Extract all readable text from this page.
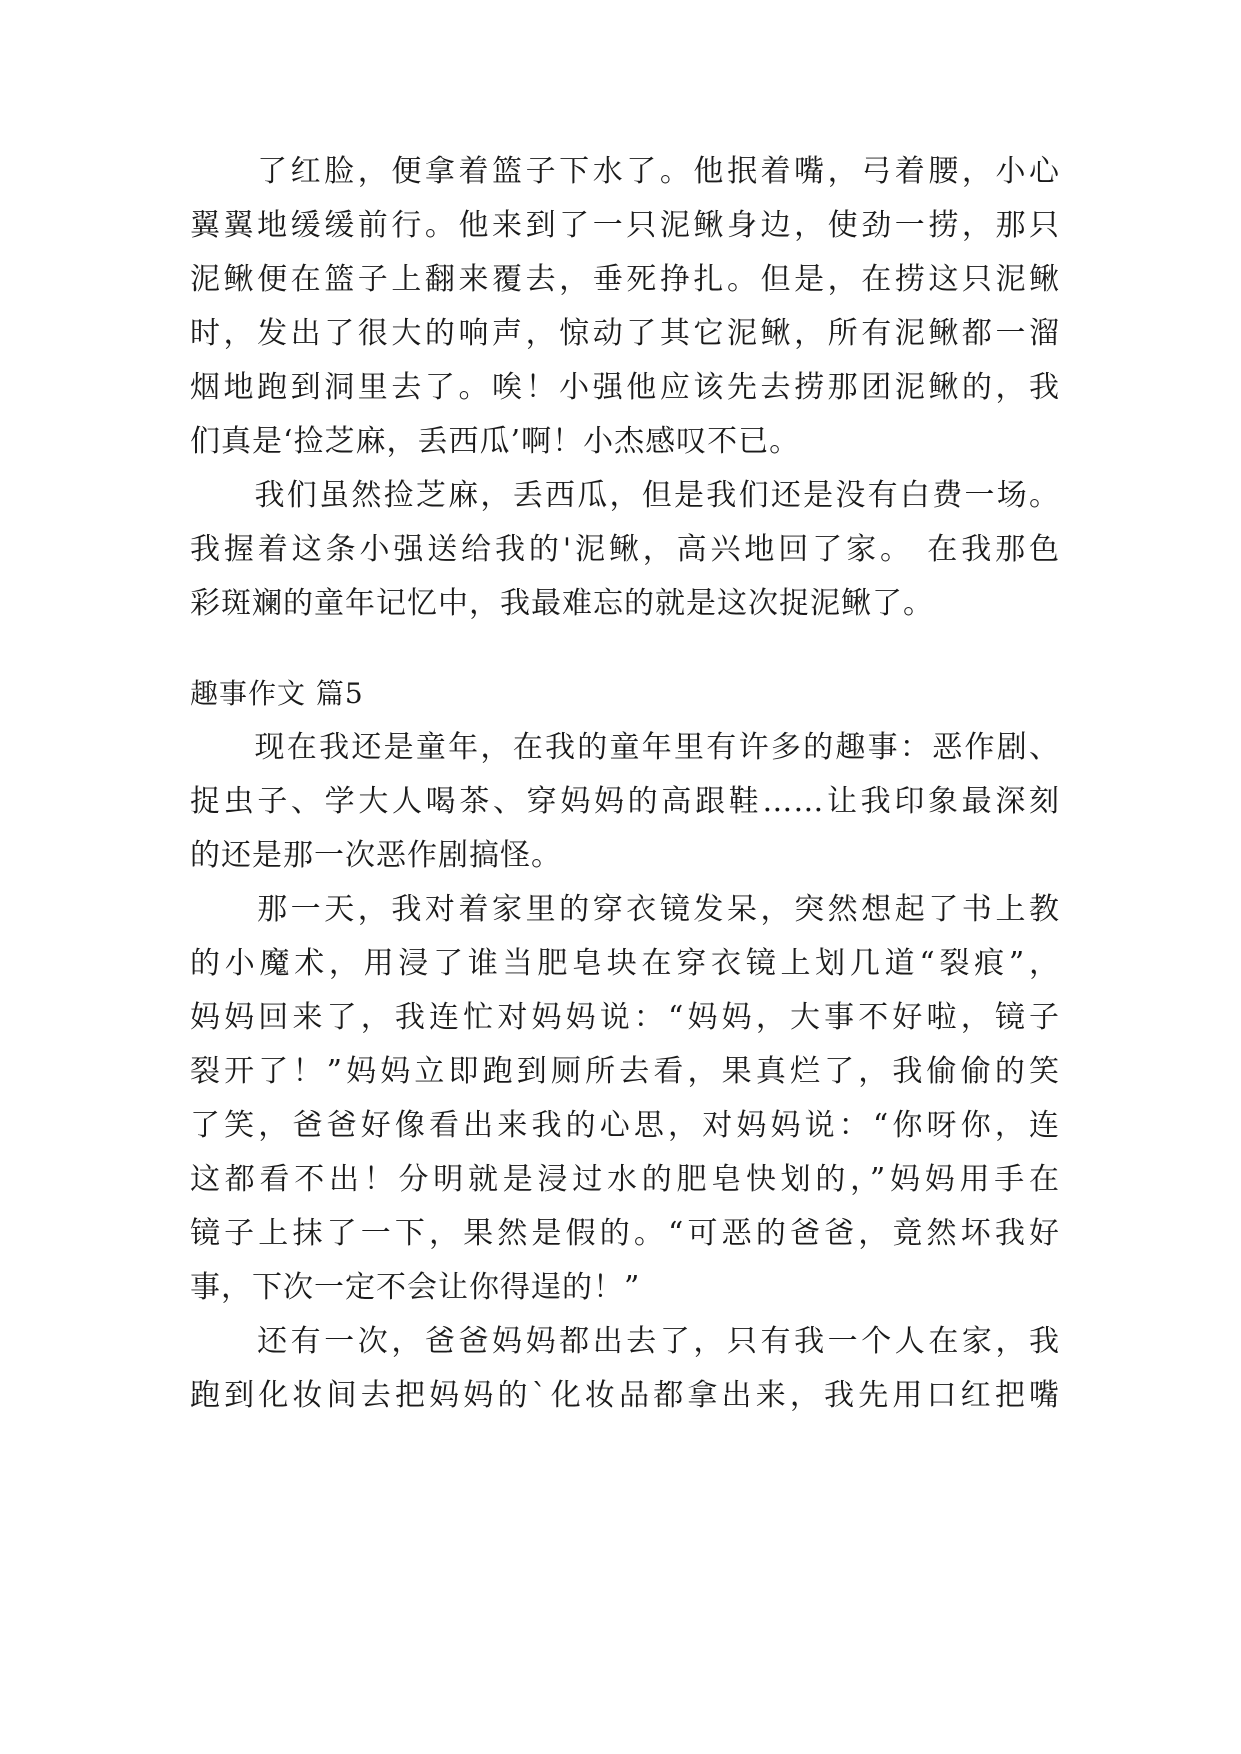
　　了红脸，便拿着篮子下水了。他抿着嘴，弓着腰，小心
翼翼地缓缓前行。他来到了一只泥鳅身边，使劲一捞，那只
泥鳅便在篮子上翻来覆去，垂死挣扎。但是，在捞这只泥鳅
时，发出了很大的响声，惊动了其它泥鳅，所有泥鳅都一溜
烟地跑到洞里去了。唉！小强他应该先去捞那团泥鳅的，我
们真是‘捡芝麻，丢西瓜’啊！小杰感叹不已。
　　我们虽然捡芝麻，丢西瓜，但是我们还是没有白费一场。
我握着这条小强送给我的'泥鳅，高兴地回了家。 在我那色
彩斑斓的童年记忆中，我最难忘的就是这次捉泥鳅了。
趣事作文 篇5
　　现在我还是童年，在我的童年里有许多的趣事：恶作剧、
捉虫子、学大人喝茶、穿妈妈的高跟鞋……让我印象最深刻
的还是那一次恶作剧搞怪。
　　那一天，我对着家里的穿衣镜发呆，突然想起了书上教
的小魔术，用浸了谁当肥皂块在穿衣镜上划几道“裂痕”，
妈妈回来了，我连忙对妈妈说：“妈妈，大事不好啦，镜子
裂开了！”妈妈立即跑到厕所去看，果真烂了，我偷偷的笑
了笑，爸爸好像看出来我的心思，对妈妈说：“你呀你，连
这都看不出！分明就是浸过水的肥皂快划的，”妈妈用手在
镜子上抹了一下，果然是假的。“可恶的爸爸，竟然坏我好
事，下次一定不会让你得逞的！”
　　还有一次，爸爸妈妈都出去了，只有我一个人在家，我
跑到化妆间去把妈妈的`化妆品都拿出来，我先用口红把嘴
